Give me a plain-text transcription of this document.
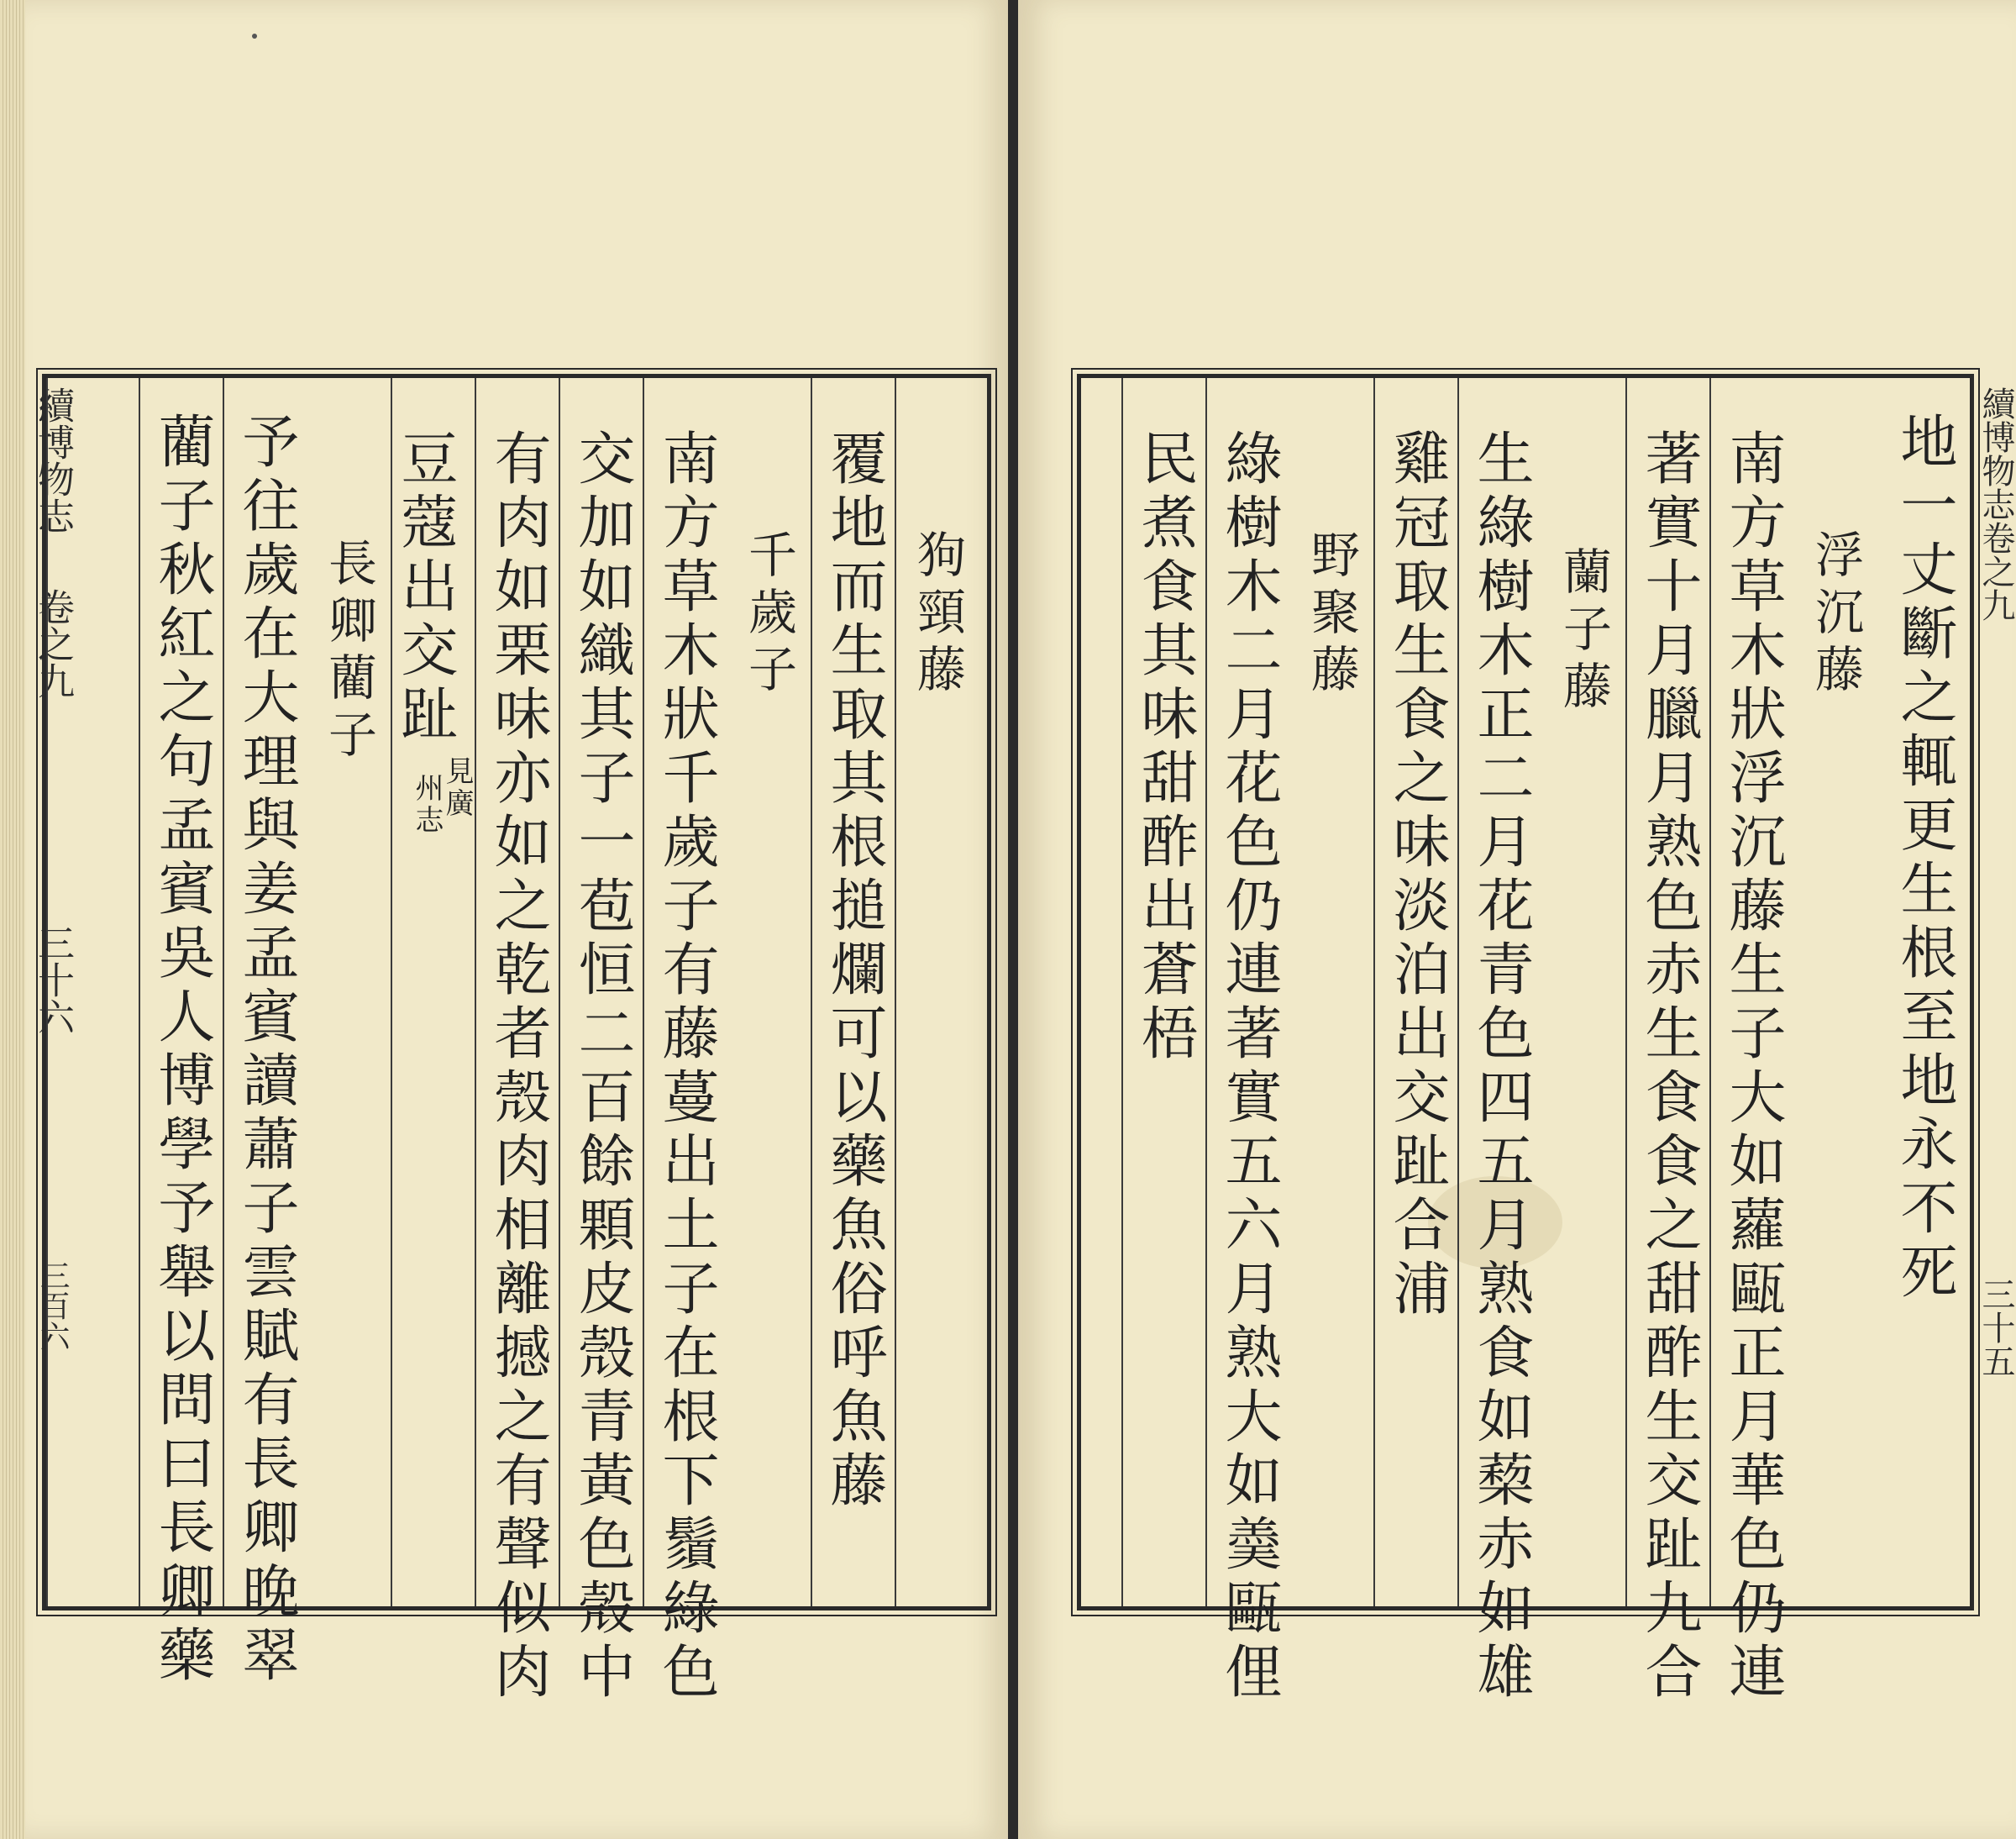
續博物志
卷之九
三十六
三百六
狗頸藤
覆地而生取其根搥爛可以藥魚俗呼魚藤
千歲子
南方草木狀千歲子有藤蔓出土子在根下鬚綠色
交加如織其子一苞恒二百餘顆皮殼青黃色殼中
有肉如栗味亦如之乾者殼肉相離撼之有聲似肉
豆蔻出交趾
見廣
州志
長卿藺子
予往歲在大理與姜孟賓讀蕭子雲賦有長卿晚翠
藺子秋紅之句孟賓吳人博學予舉以問曰長卿藥	地一丈斷之輒更生根至地永不死
浮沉藤
南方草木狀浮沉藤生子大如蘿甌正月華色仍連
著實十月臘月熟色赤生食食之甜酢生交趾九合
蘭子藤
生綠樹木正二月花青色四五月熟食如蔾赤如雄
雞冠取生食之味淡泊出交趾合浦
野聚藤
綠樹木二月花色仍連著實五六月熟大如羮甌俚
民煮食其味甜酢出蒼梧	續博物志卷之九
三十五
